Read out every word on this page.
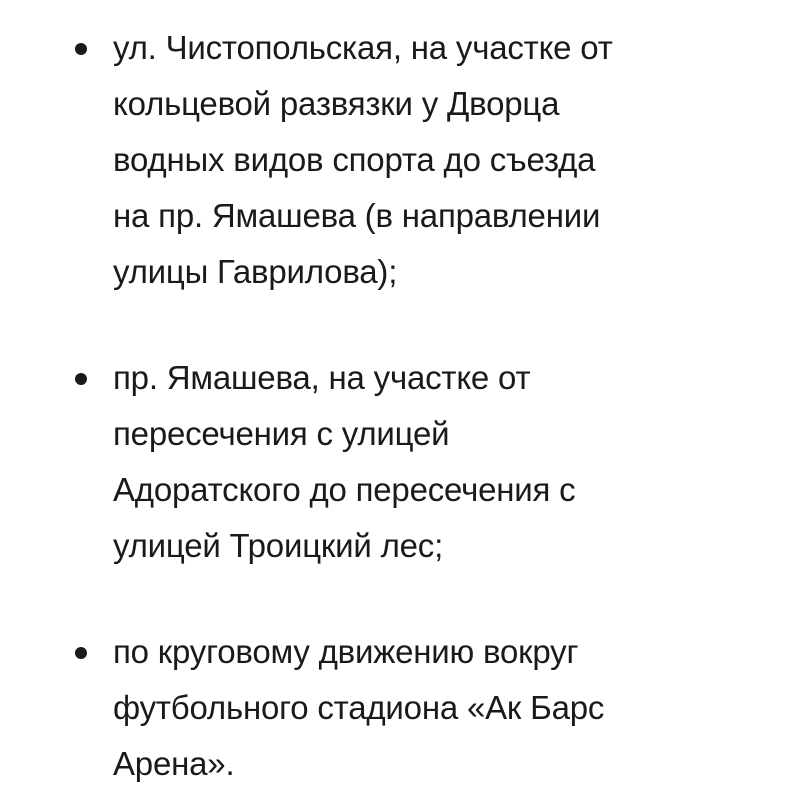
ул. Чистопольская, на участке от
кольцевой развязки у Дворца
водных видов спорта до съезда
на пр. Ямашева (в направлении
улицы Гаврилова);
пр. Ямашева, на участке от
пересечения с улицей
Адоратского до пересечения с
улицей Троицкий лес;
по круговому движению вокруг
футбольного стадиона «Ак Барс
Арена».
